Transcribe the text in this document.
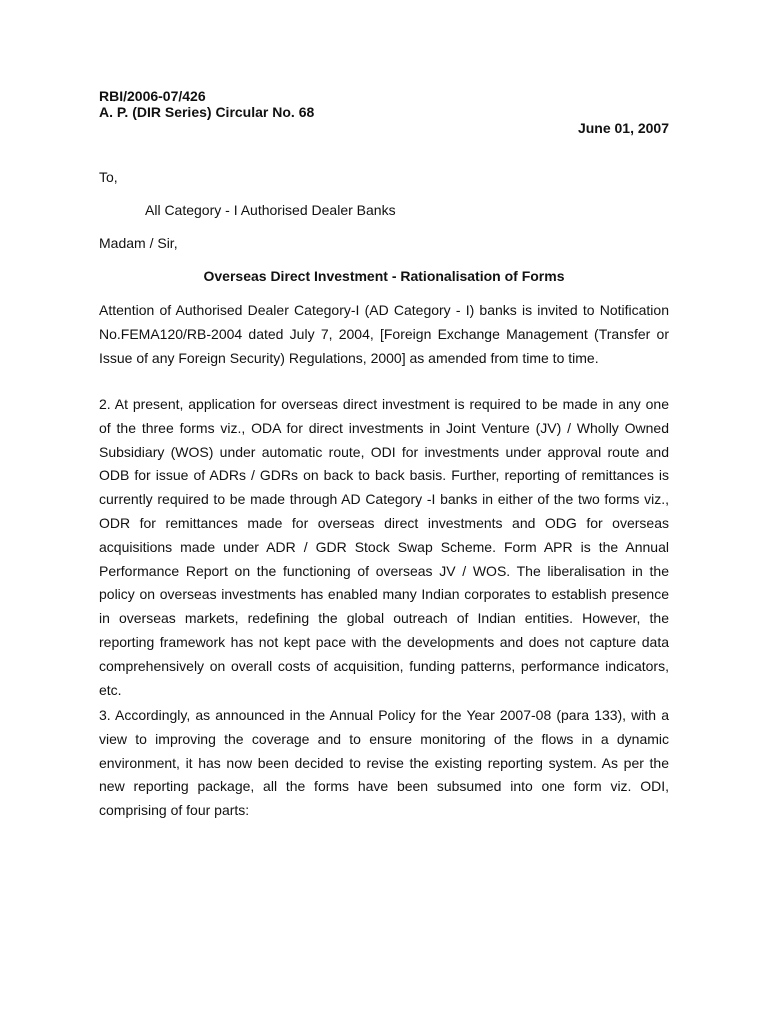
RBI/2006-07/426
A. P. (DIR Series) Circular No. 68
June 01, 2007
To,
All Category - I Authorised Dealer Banks
Madam / Sir,
Overseas Direct Investment - Rationalisation of Forms
Attention of Authorised Dealer Category-I (AD Category - I) banks is invited to Notification No.FEMA120/RB-2004 dated July 7, 2004, [Foreign Exchange Management (Transfer or Issue of any Foreign Security) Regulations, 2000] as amended from time to time.
2. At present, application for overseas direct investment is required to be made in any one of the three forms viz., ODA for direct investments in Joint Venture (JV) / Wholly Owned Subsidiary (WOS) under automatic route, ODI for investments under approval route and ODB for issue of ADRs / GDRs on back to back basis. Further, reporting of remittances is currently required to be made through AD Category -I banks in either of the two forms viz., ODR for remittances made for overseas direct investments and ODG for overseas acquisitions made under ADR / GDR Stock Swap Scheme. Form APR is the Annual Performance Report on the functioning of overseas JV / WOS. The liberalisation in the policy on overseas investments has enabled many Indian corporates to establish presence in overseas markets, redefining the global outreach of Indian entities. However, the reporting framework has not kept pace with the developments and does not capture data comprehensively on overall costs of acquisition, funding patterns, performance indicators, etc.
3. Accordingly, as announced in the Annual Policy for the Year 2007-08 (para 133), with a view to improving the coverage and to ensure monitoring of the flows in a dynamic environment, it has now been decided to revise the existing reporting system. As per the new reporting package, all the forms have been subsumed into one form viz. ODI, comprising of four parts:
